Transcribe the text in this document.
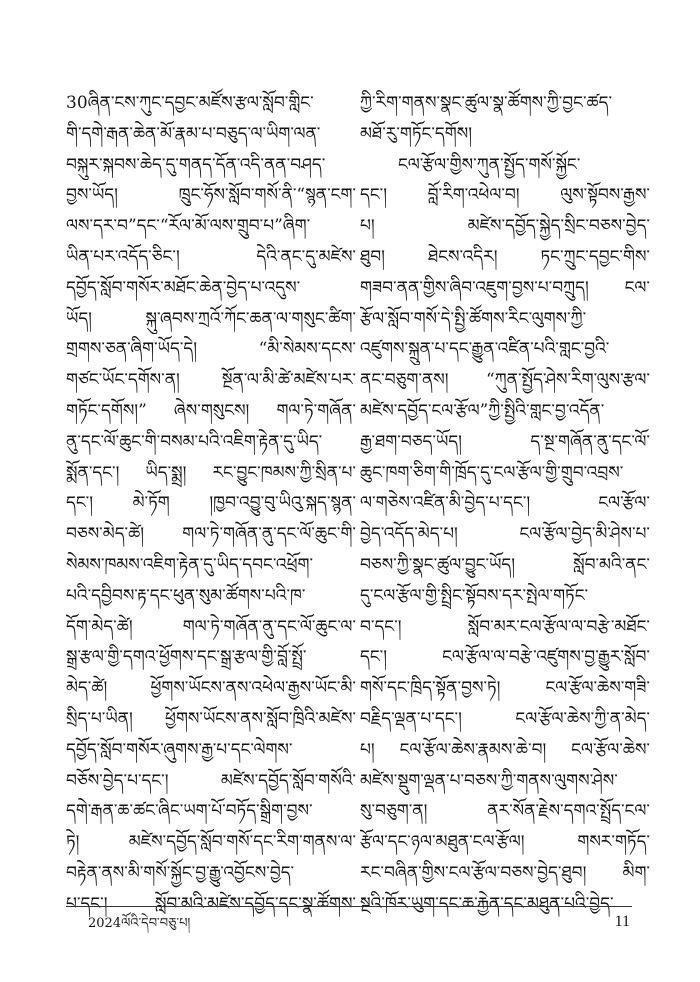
30ཞིན་ངས་ཀུང་དབྱང་མཛོས་རྩལ་སློབ་གླིང་
གི་དགེ་རྒན་ཆེན་མོ་རྣམ་པ་བཅུད་ལ་ཡིག་ལན་
བསྐུར་སྐབས་ཆེད་དུ་གནད་དོན་འདི་ནན་བཤད་
བྱས་ཡོད། ཁྲུང་ཧོས་སློབ་གསོ་ནི་“སྙན་ངག་
ལས་དར་བ”དང་“རོལ་མོ་ལས་གྲུབ་པ”ཞིག་
ཡིན་པར་འདོད་ཅིང་། དེའི་ནང་དུ་མཛེས་
དབྱོད་སློབ་གསོར་མཐོང་ཆེན་བྱེད་པ་འདུས་
ཡོད། སྐུ་ཞབས་ཀྲའོ་ཀོང་ཆན་ལ་གསུང་ཚིག་
གྲགས་ཅན་ཞིག་ཡོད་དེ། “མི་སེམས་དངས་
གཙང་ཡོང་དགོས་ན། སྔོན་ལ་མི་ཚེ་མཛེས་པར་
གཏོང་དགོས།” ཞེས་གསུངས། གལ་ཏེ་གཞོན་
ནུ་དང་ལོ་ཆུང་གི་བསམ་པའི་འཇིག་རྟེན་དུ་ཡིད་
སྨོན་དང་། ཡིད་སྨྲ། རང་བྱུང་ཁམས་ཀྱི་སྲིན་པ་
དང་། མེ་ཏོག །ཁྱབ་འབྱུ་བུ་ཡིའུ་སྐད་སྙན་
བཅས་མེད་ཚེ། གལ་ཏེ་གཞོན་ནུ་དང་ལོ་ཆུང་གི་
སེམས་ཁམས་འཇིག་རྟེན་དུ་ཡིད་དབང་འཕྲོག་
པའི་དབྱིབས་རྟ་དང་ཕུན་སུམ་ཚོགས་པའི་ཁ་
དོག་མེད་ཚེ། གལ་ཏེ་གཞོན་ནུ་དང་ལོ་ཆུང་ལ་
སྒྲ་རྩལ་གྱི་དགའ་ཕྱོགས་དང་སྒྲ་རྩལ་གྱི་བློ་སྤྲོ་
མེད་ཚེ། ཕྱོགས་ཡོངས་ནས་འཕེལ་རྒྱས་ཡོང་མི་
སྲིད་པ་ཡིན། ཕྱོགས་ཡོངས་ནས་སློབ་ཁྲིའི་མཛེས་
དབྱོད་སློབ་གསོར་ཞུགས་རྒྱ་པ་དང་ལེགས་
བཅོས་བྱེད་པ་དང་། མཛེས་དབྱོད་སློབ་གསོའི་
དགེ་རྒན་ཆ་ཚང་ཞིང་ཡག་པོ་བཏོད་སྒྲིག་བྱས་
ཏེ། མཛེས་དབྱོད་སློབ་གསོ་དང་རིག་གནས་ལ་
བརྟེན་ནས་མི་གསོ་སྐྱོང་བྱ་རྒྱུ་འབྱོངས་བྱེད་
པ་དང་། སློབ་མའི་མཛེས་དབྱོད་དང་སྣ་ཚོགས་
ཀྱི་རིག་གནས་སྣང་ཚུལ་སྣ་ཚོགས་ཀྱི་བྱང་ཚད་
མཐོ་རུ་གཏོང་དགོས།
ངལ་རྩོལ་གྱིས་ཀུན་སྤྱོད་གསོ་སྐྱོང་
དང་། བློ་རིག་འཕེལ་བ། ལུས་སྟོབས་རྒྱས་
པ། མཛེས་དབྱོད་སྐྱེད་སྲིང་བཅས་བྱེད་
ཐུབ། ཐེངས་འདིར། ཏང་ཀྲུང་དབྱང་གིས་
གཟབ་ནན་གྱིས་ཞིབ་འཇུག་བྱས་པ་བཀྲུད། ངལ་
རྩོལ་སློབ་གསོ་དེ་སྤྱི་ཚོགས་རིང་ལུགས་ཀྱི་
འཛུགས་སྐྲུན་པ་དང་རྒྱུན་འཛིན་པའི་གླང་བྱའི་
ནང་བཅུག་ནས། “ཀུན་སྤྱོད་ཤེས་རིག་ལུས་རྩལ་
མཛེས་དབྱོད་ངལ་རྩོལ”ཀྱི་སྤྱིའི་གླང་བྱ་འདོན་
རྒྱ་ཐག་བཅད་ཡོད། ད་སྔ་གཞོན་ནུ་དང་ལོ་
ཆུང་ཁག་ཅིག་གི་ཁྲོད་དུ་ངལ་རྩོལ་གྱི་གྲུབ་འབྲས་
ལ་གཅེས་འཛིན་མི་བྱེད་པ་དང་། ངལ་རྩོལ་
བྱེད་འདོད་མེད་པ། ངལ་རྩོལ་བྱེད་མི་ཤེས་པ་
བཅས་ཀྱི་སྣང་ཚུལ་བྱུང་ཡོད། སློབ་མའི་ནང་
དུ་ངལ་རྩོལ་གྱི་སྤྲིང་སྟོབས་དར་སྤེལ་གཏོང་
བ་དང་། སློབ་མར་ངལ་རྩོལ་ལ་བརྩེ་མཐོང་
དང་། ངལ་རྩོལ་ལ་བརྩེ་འཛུགས་བྱ་རྒྱུར་སློབ་
གསོ་དང་ཁྲིད་སྟོན་བྱས་ཏེ། ངལ་རྩོལ་ཆེས་གཟི་
བརྗིད་ལྡན་པ་དང་། ངལ་རྩོལ་ཆེས་ཀྱི་ན་མེད་
པ། ངལ་རྩོལ་ཆེས་རྣམས་ཆེ་བ། ངལ་རྩོལ་ཆེས་
མཛེས་སྡུག་ལྡན་པ་བཅས་ཀྱི་གནས་ལུགས་ཤེས་
སུ་བཅུག་ན། ནར་སོན་རྗེས་དགའ་སྤྲོད་ངལ་
རྩོལ་དང་ཉལ་མཐུན་ངལ་རྩོལ། གསར་གཏོད་
རང་བཞིན་གྱིས་ངལ་རྩོལ་བཅས་བྱེད་ཐུབ། མིག་
སྔའི་ཁོར་ཡུག་དང་ཆ་རྐྱེན་དང་མཐུན་པའི་བྱེད་
2024ལོའི་དེབ་བཅུ་པ།	11
